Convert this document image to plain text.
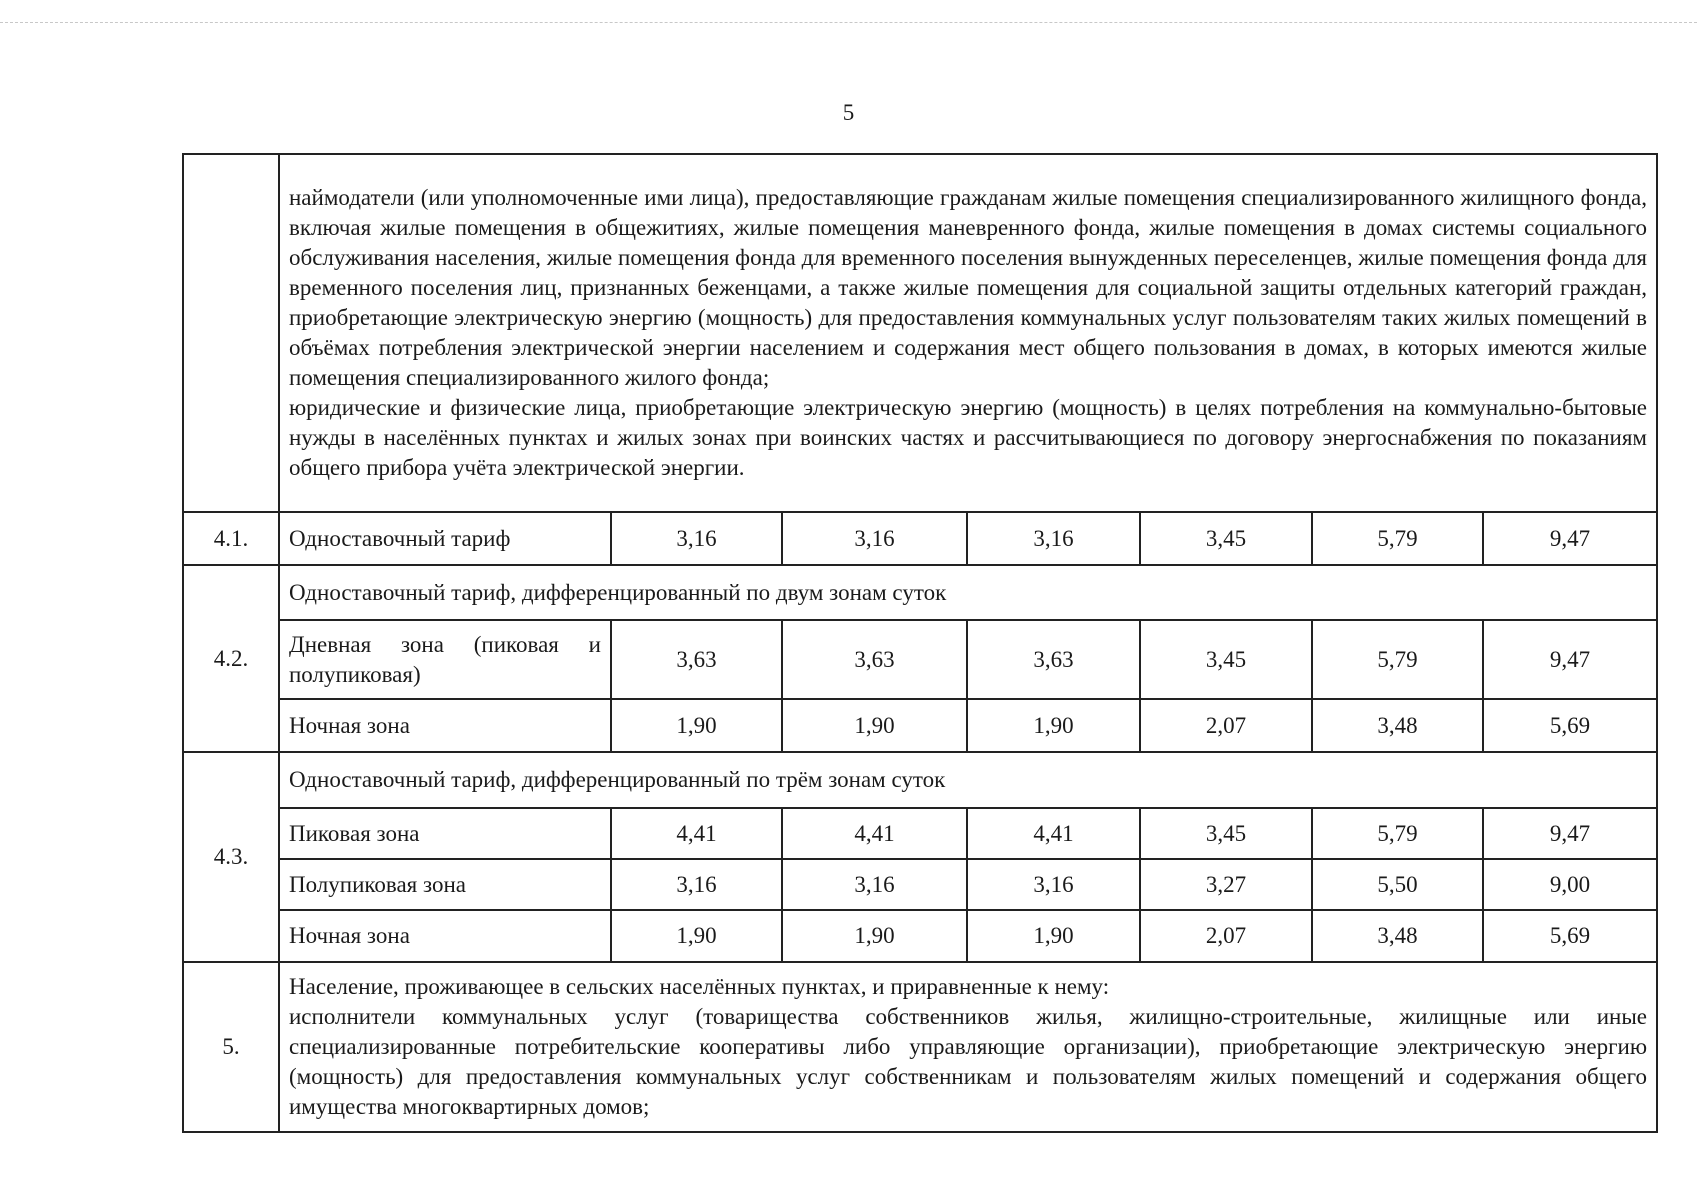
5

	наймодатели (или уполномоченные ими лица), предоставляющие гражданам жилые помещения специализированного жилищного фонда, включая жилые помещения в общежитиях, жилые помещения маневренного фонда, жилые помещения в домах системы социального обслуживания населения, жилые помещения фонда для временного поселения вынужденных переселенцев, жилые помещения фонда для временного поселения лиц, признанных беженцами, а также жилые помещения для социальной защиты отдельных категорий граждан, приобретающие электрическую энергию (мощность) для предоставления коммунальных услуг пользователям таких жилых помещений в объёмах потребления электрической энергии населением и содержания мест общего пользования в домах, в которых имеются жилые помещения специализированного жилого фонда;
юридические и физические лица, приобретающие электрическую энергию (мощность) в целях потребления на коммунально-бытовые нужды в населённых пунктах и жилых зонах при воинских частях и рассчитывающиеся по договору энергоснабжения по показаниям общего прибора учёта электрической энергии.						

4.1.	Одноставочный тариф	3,16	3,16	3,16	3,45	5,79	9,47
4.2.	Одноставочный тариф, дифференцированный по двум зонам суток						
	Дневная зона (пиковая и полупиковая)	3,63	3,63	3,63	3,45	5,79	9,47
	Ночная зона	1,90	1,90	1,90	2,07	3,48	5,69
4.3.	Одноставочный тариф, дифференцированный по трём зонам суток						
	Пиковая зона	4,41	4,41	4,41	3,45	5,79	9,47
	Полупиковая зона	3,16	3,16	3,16	3,27	5,50	9,00
	Ночная зона	1,90	1,90	1,90	2,07	3,48	5,69
5.	Население, проживающее в сельских населённых пунктах, и приравненные к нему:
исполнители коммунальных услуг (товарищества собственников жилья, жилищно-строительные, жилищные или иные специализированные потребительские кооперативы либо управляющие организации), приобретающие электрическую энергию (мощность) для предоставления коммунальных услуг собственникам и пользователям жилых помещений и содержания общего имущества многоквартирных домов;						
